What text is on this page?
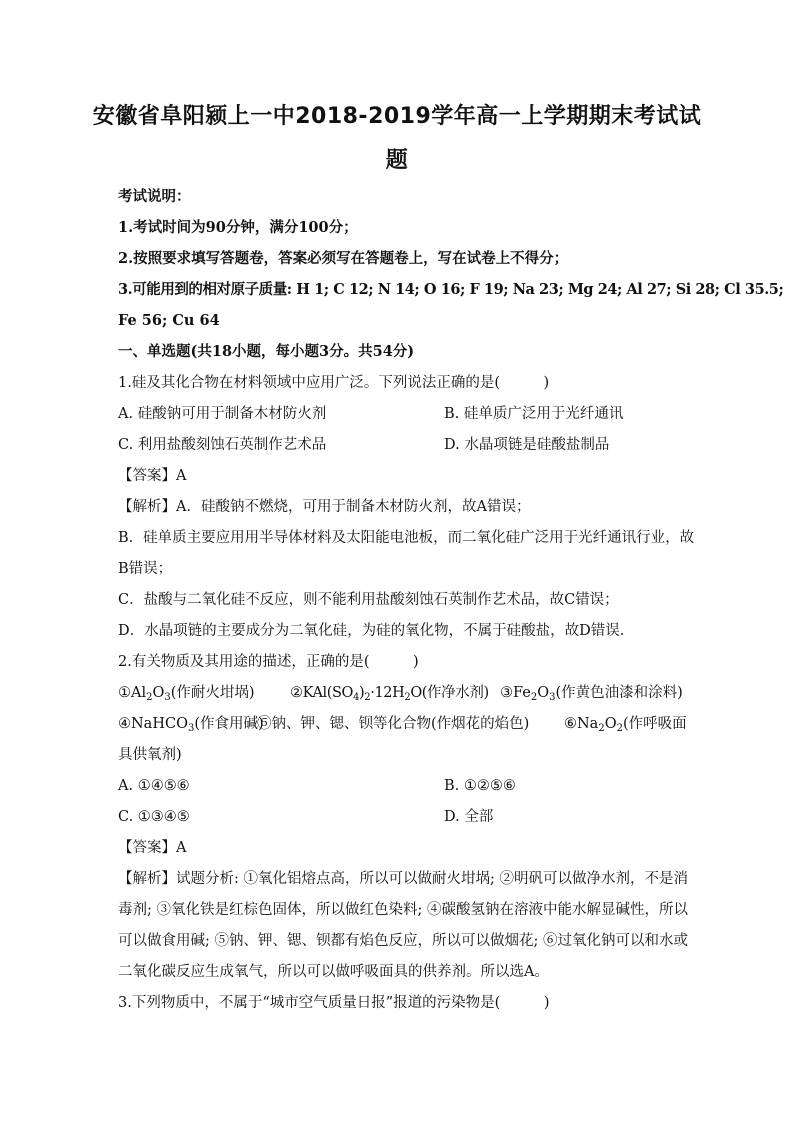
安徽省阜阳颍上一中2018-2019学年高一上学期期末考试试
题
考试说明：
1.考试时间为90分钟，满分100分；
2.按照要求填写答题卷，答案必须写在答题卷上，写在试卷上不得分；
3.可能用到的相对原子质量: H 1; C 12; N 14; O 16; F 19; Na 23; Mg 24; Al 27; Si 28; Cl 35.5;
Fe 56; Cu 64
一、单选题(共18小题，每小题3分。共54分)
1.硅及其化合物在材料领域中应用广泛。下列说法正确的是(　　　)
A. 硅酸钠可用于制备木材防火剂	B. 硅单质广泛用于光纤通讯
C. 利用盐酸刻蚀石英制作艺术品	D. 水晶项链是硅酸盐制品
【答案】A
【解析】A．硅酸钠不燃烧，可用于制备木材防火剂，故A错误；
B．硅单质主要应用用半导体材料及太阳能电池板，而二氧化硅广泛用于光纤通讯行业，故
B错误；
C．盐酸与二氧化硅不反应，则不能利用盐酸刻蚀石英制作艺术品，故C错误；
D．水晶项链的主要成分为二氧化硅，为硅的氧化物，不属于硅酸盐，故D错误．
2.有关物质及其用途的描述，正确的是(　　　)
$①Al_2O_3$(作耐火坩埚) $②KAl(SO_4)_2\cdot 12H_2O$(作净水剂) $③Fe_2O_3$(作黄色油漆和涂料)
④NaHCO$_3$(作食用碱)
⑤钠、钾、锶、钡等化合物(作烟花的焰色) $⑥Na_2O_2$(作呼吸面
具供氧剂)
A. ①④⑤⑥	B. ①②⑤⑥
C. ①③④⑤	D. 全部
【答案】A
【解析】试题分析: ①氧化铝熔点高，所以可以做耐火坩埚; ②明矾可以做净水剂，不是消
毒剂; ③氧化铁是红棕色固体，所以做红色染料; ④碳酸氢钠在溶液中能水解显碱性，所以
可以做食用碱; ⑤钠、钾、锶、钡都有焰色反应，所以可以做烟花; ⑥过氧化钠可以和水或
二氧化碳反应生成氧气，所以可以做呼吸面具的供养剂。所以选A。
3.下列物质中，不属于“城市空气质量日报”报道的污染物是(　　　)
